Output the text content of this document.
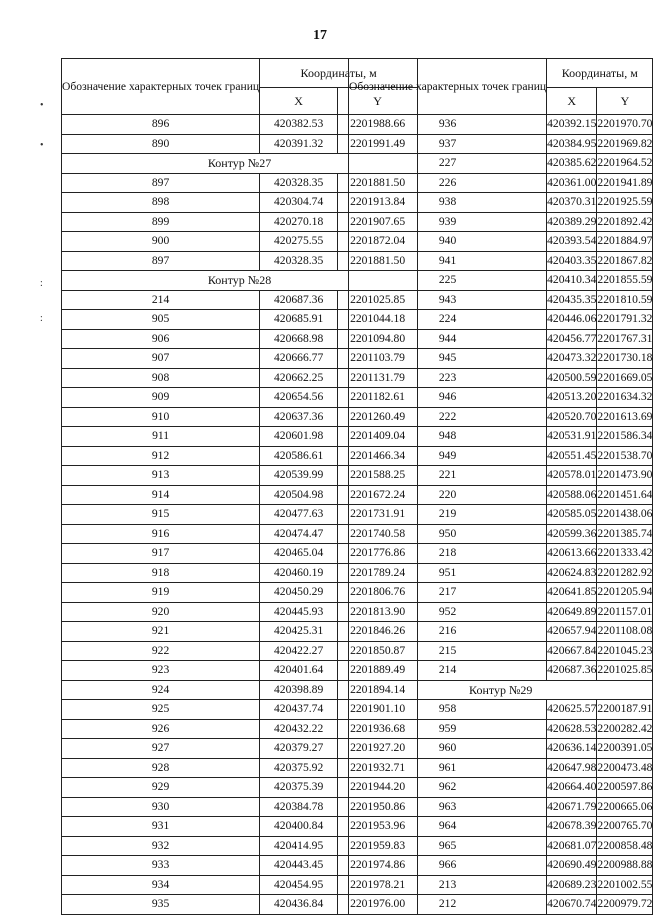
17
•
•
:
:
Обозначение характерных точек границ	Координаты, м	
	X	Y
896	420382.53	2201988.66
890	420391.32	2201991.49
Контур №27		
897	420328.35	2201881.50
898	420304.74	2201913.84
899	420270.18	2201907.65
900	420275.55	2201872.04
897	420328.35	2201881.50
Контур №28		
214	420687.36	2201025.85
905	420685.91	2201044.18
906	420668.98	2201094.80
907	420666.77	2201103.79
908	420662.25	2201131.79
909	420654.56	2201182.61
910	420637.36	2201260.49
911	420601.98	2201409.04
912	420586.61	2201466.34
913	420539.99	2201588.25
914	420504.98	2201672.24
915	420477.63	2201731.91
916	420474.47	2201740.58
917	420465.04	2201776.86
918	420460.19	2201789.24
919	420450.29	2201806.76
920	420445.93	2201813.90
921	420425.31	2201846.26
922	420422.27	2201850.87
923	420401.64	2201889.49
924	420398.89	2201894.14
925	420437.74	2201901.10
926	420432.22	2201936.68
927	420379.27	2201927.20
928	420375.92	2201932.71
929	420375.39	2201944.20
930	420384.78	2201950.86
931	420400.84	2201953.96
932	420414.95	2201959.83
933	420443.45	2201974.86
934	420454.95	2201978.21
935	420436.84	2201976.00
Обозначение характерных точек границ	Координаты, м	
	X	Y
936	420392.15	2201970.70
937	420384.95	2201969.82
227	420385.62	2201964.52
226	420361.00	2201941.89
938	420370.31	2201925.59
939	420389.29	2201892.42
940	420393.54	2201884.97
941	420403.35	2201867.82
225	420410.34	2201855.59
943	420435.35	2201810.59
224	420446.06	2201791.32
944	420456.77	2201767.31
945	420473.32	2201730.18
223	420500.59	2201669.05
946	420513.20	2201634.32
222	420520.70	2201613.69
948	420531.91	2201586.34
949	420551.45	2201538.70
221	420578.01	2201473.90
220	420588.06	2201451.64
219	420585.05	2201438.06
950	420599.36	2201385.74
218	420613.66	2201333.42
951	420624.83	2201282.92
217	420641.85	2201205.94
952	420649.89	2201157.01
216	420657.94	2201108.08
215	420667.84	2201045.23
214	420687.36	2201025.85
Контур №29		
958	420625.57	2200187.91
959	420628.53	2200282.42
960	420636.14	2200391.05
961	420647.98	2200473.48
962	420664.40	2200597.86
963	420671.79	2200665.06
964	420678.39	2200765.70
965	420681.07	2200858.48
966	420690.49	2200988.88
213	420689.23	2201002.55
212	420670.74	2200979.72
